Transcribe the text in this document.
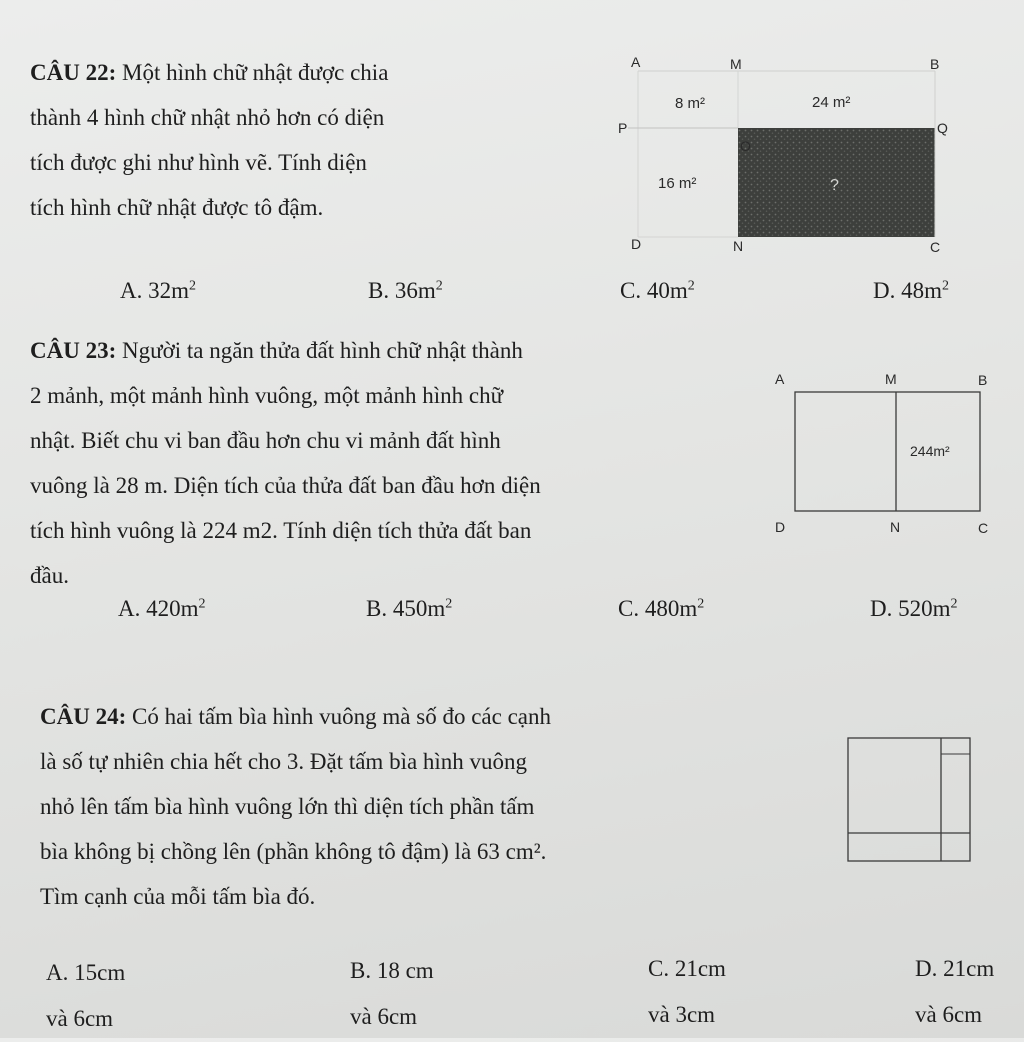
CÂU 22: Một hình chữ nhật được chia
thành 4 hình chữ nhật nhỏ hơn có diện
tích được ghi như hình vẽ. Tính diện
tích hình chữ nhật được tô đậm.
A	M	B
P	Q
O
D	N	C
8 m²	24 m²
16 m²	?
A. $32m^2$	B. $36m^2$	C. $40m^2$	D. $48m^2$
CÂU 23: Người ta ngăn thửa đất hình chữ nhật thành
2 mảnh, một mảnh hình vuông, một mảnh hình chữ
nhật. Biết chu vi ban đầu hơn chu vi mảnh đất hình
vuông là 28 m. Diện tích của thửa đất ban đầu hơn diện
tích hình vuông là 224 m2. Tính diện tích thửa đất ban
đầu.
A	M	B
D	N	C
244m²
A. $420m^2$	B. $450m^2$	C. $480m^2$	D. $520m^2$
CÂU 24: Có hai tấm bìa hình vuông mà số đo các cạnh
là số tự nhiên chia hết cho 3. Đặt tấm bìa hình vuông
nhỏ lên tấm bìa hình vuông lớn thì diện tích phần tấm
bìa không bị chồng lên (phần không tô đậm) là 63 cm².
Tìm cạnh của mỗi tấm bìa đó.
A. 15cm
và 6cm
B. 18 cm
và 6cm
C. 21cm
và 3cm
D. 21cm
và 6cm
